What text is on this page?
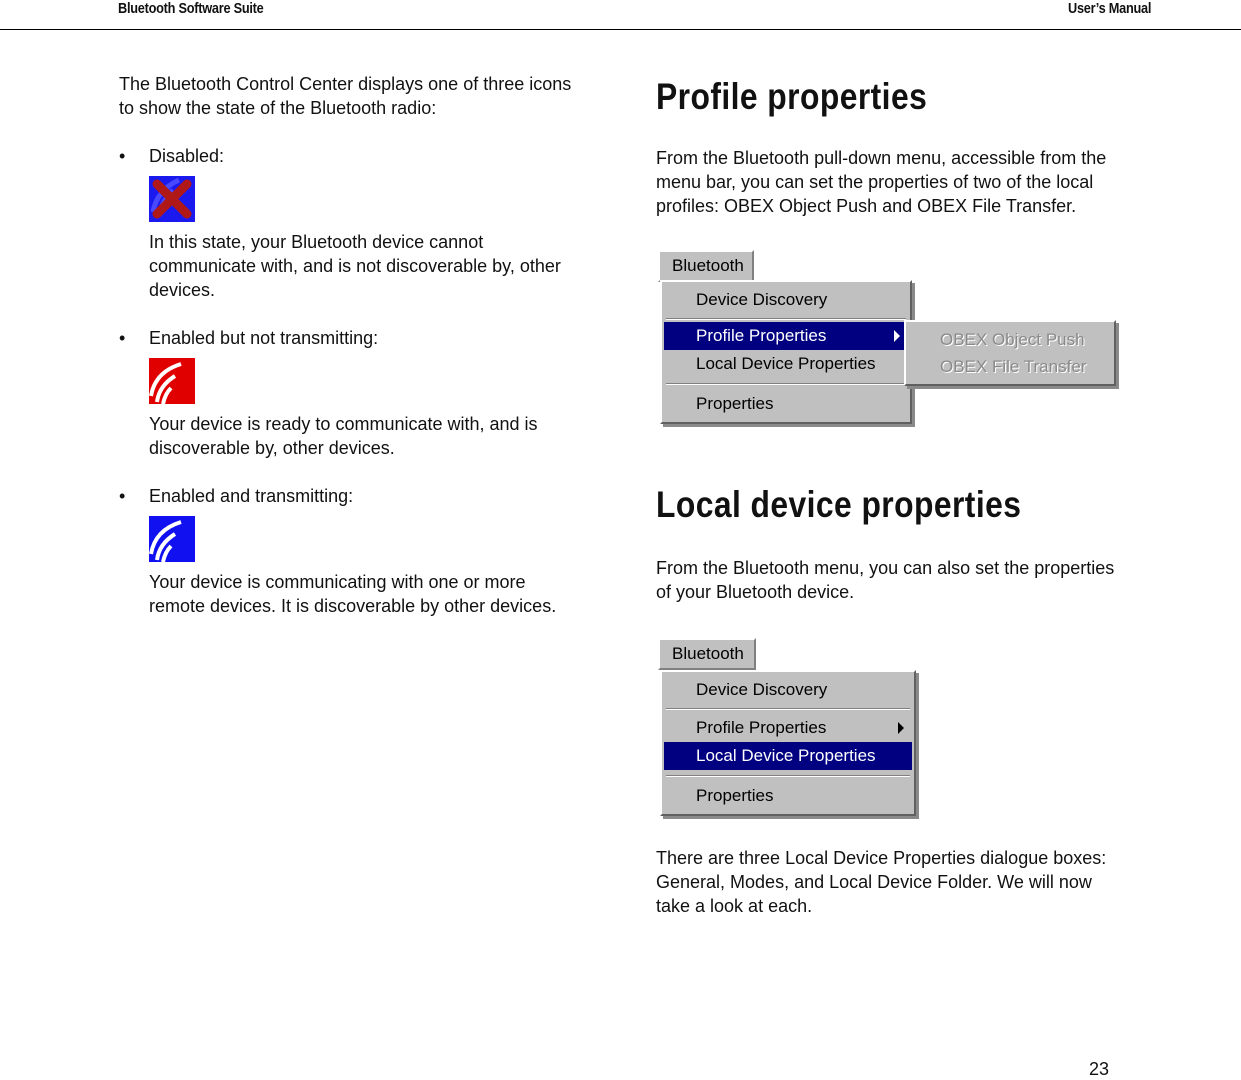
Bluetooth Software Suite	User’s Manual

The Bluetooth Control Center displays one of three icons to show the state of the Bluetooth radio:

• Disabled:

In this state, your Bluetooth device cannot communicate with, and is not discoverable by, other devices.

• Enabled but not transmitting:

Your device is ready to communicate with, and is discoverable by, other devices.

• Enabled and transmitting:

Your device is communicating with one or more remote devices. It is discoverable by other devices.

Profile properties

From the Bluetooth pull-down menu, accessible from the menu bar, you can set the properties of two of the local profiles: OBEX Object Push and OBEX File Transfer.

Bluetooth
Device Discovery
Profile Properties
Local Device Properties
Properties
OBEX Object Push
OBEX File Transfer
Local device properties

From the Bluetooth menu, you can also set the properties of your Bluetooth device.

Bluetooth
Device Discovery
Profile Properties
Local Device Properties
Properties

There are three Local Device Properties dialogue boxes: General, Modes, and Local Device Folder. We will now take a look at each.

23
